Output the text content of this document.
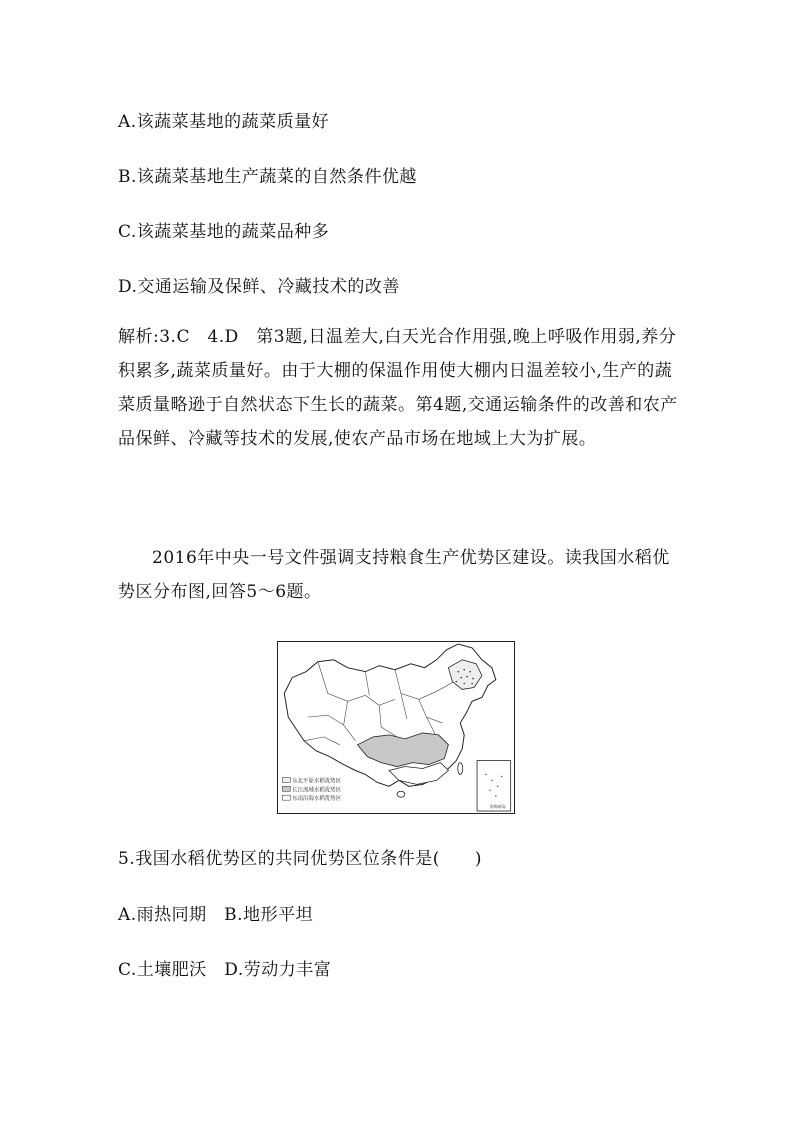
A.该蔬菜基地的蔬菜质量好
B.该蔬菜基地生产蔬菜的自然条件优越
C.该蔬菜基地的蔬菜品种多
D.交通运输及保鲜、冷藏技术的改善
解析:3.C　4.D　第3题,日温差大,白天光合作用强,晚上呼吸作用弱,养分积累多,蔬菜质量好。由于大棚的保温作用使大棚内日温差较小,生产的蔬菜质量略逊于自然状态下生长的蔬菜。第4题,交通运输条件的改善和农产品保鲜、冷藏等技术的发展,使农产品市场在地域上大为扩展。
2016年中央一号文件强调支持粮食生产优势区建设。读我国水稻优势区分布图,回答5～6题。
东北平原水稻优势区
长江流域水稻优势区
东南沿海水稻优势区
南海诸岛
5.我国水稻优势区的共同优势区位条件是(　　)
A.雨热同期　B.地形平坦
C.土壤肥沃　D.劳动力丰富
